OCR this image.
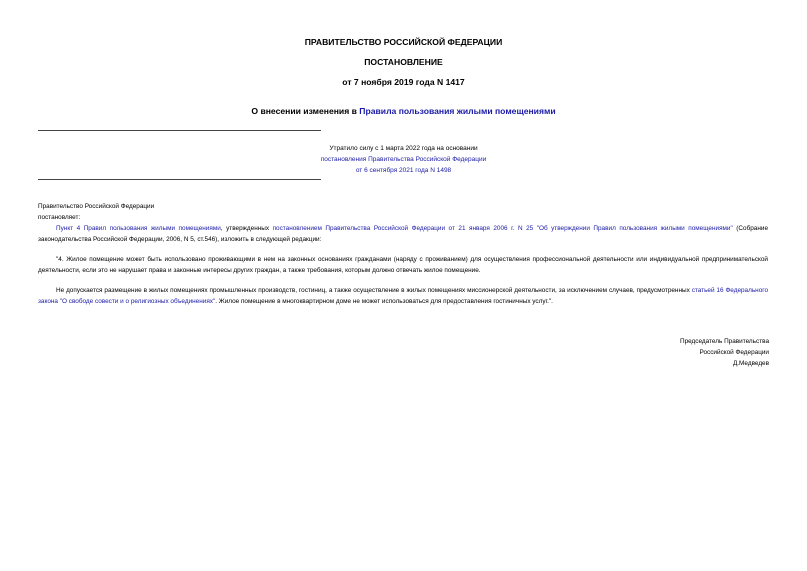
ПРАВИТЕЛЬСТВО РОССИЙСКОЙ ФЕДЕРАЦИИ
ПОСТАНОВЛЕНИЕ
от 7 ноября 2019 года N 1417
О внесении изменения в Правила пользования жилыми помещениями

Утратило силу с 1 марта 2022 года на основании

постановления Правительства Российской Федерации

от 6 сентября 2021 года N 1498

Правительство Российской Федерации

постановляет:

Пункт 4 Правил пользования жилыми помещениями, утвержденных постановлением Правительства Российской Федерации от 21 января 2006 г. N 25 "Об утверждении Правил пользования жилыми помещениями" (Собрание законодательства Российской Федерации, 2006, N 5, ст.546), изложить в следующей редакции:

"4. Жилое помещение может быть использовано проживающими в нем на законных основаниях гражданами (наряду с проживанием) для осуществления профессиональной деятельности или индивидуальной предпринимательской деятельности, если это не нарушает права и законные интересы других граждан, а также требования, которым должно отвечать жилое помещение.

Не допускается размещение в жилых помещениях промышленных производств, гостиниц, а также осуществление в жилых помещениях миссионерской деятельности, за исключением случаев, предусмотренных статьей 16 Федерального закона "О свободе совести и о религиозных объединениях". Жилое помещение в многоквартирном доме не может использоваться для предоставления гостиничных услуг.".

Председатель Правительства

Российской Федерации

Д.Медведев
